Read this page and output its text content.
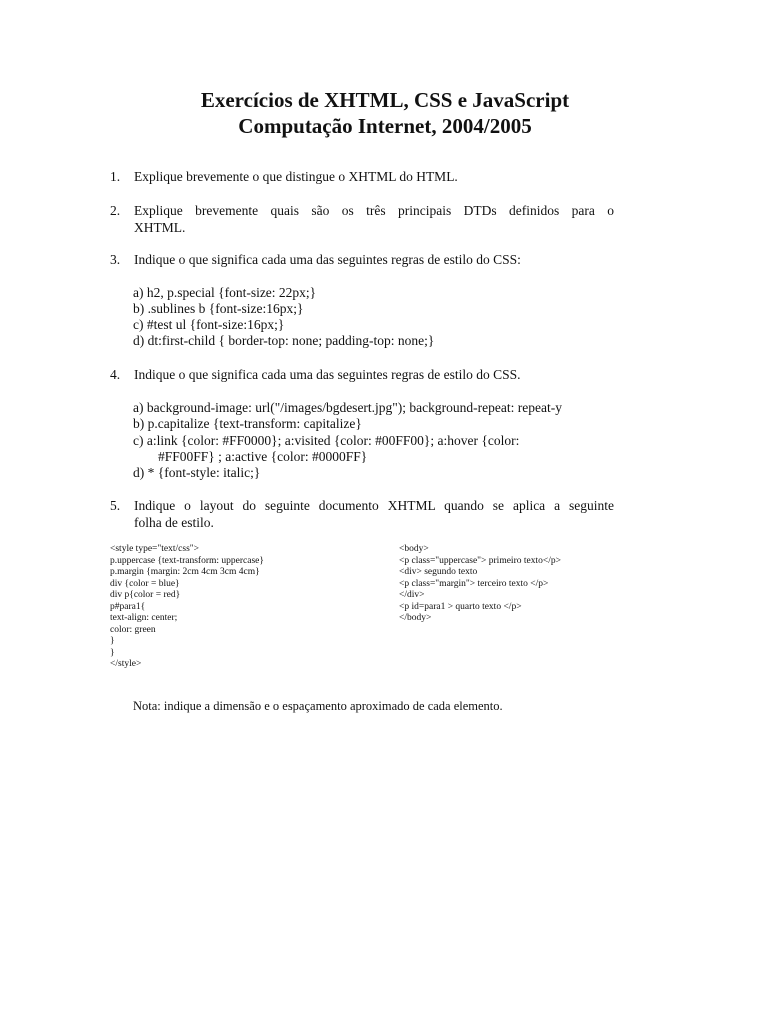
Exercícios de XHTML, CSS e JavaScript
Computação Internet, 2004/2005
1.	Explique brevemente o que distingue o XHTML do HTML.
2.	Explique brevemente quais são os três principais DTDs definidos para o
XHTML.
3.	Indique o que significa cada uma das seguintes regras de estilo do CSS:
a) h2, p.special {font-size: 22px;}
b) .sublines b {font-size:16px;}
c) #test ul {font-size:16px;}
d) dt:first-child { border-top: none; padding-top: none;}
4.	Indique o que significa cada uma das seguintes regras de estilo do CSS.
a) background-image: url("/images/bgdesert.jpg"); background-repeat: repeat-y
b) p.capitalize {text-transform: capitalize}
c) a:link {color: #FF0000}; a:visited {color: #00FF00}; a:hover {color:
#FF00FF} ; a:active {color: #0000FF}
d) * {font-style: italic;}
5.	Indique o layout do seguinte documento XHTML quando se aplica a seguinte
folha de estilo.
<style type="text/css">
p.uppercase {text-transform: uppercase}
p.margin {margin: 2cm 4cm 3cm 4cm}
div {color = blue}
div p{color = red}
p#para1{
text-align: center;
color: green
}
}
</style>
<body>
<p class="uppercase"> primeiro texto</p>
<div> segundo texto
<p class="margin"> terceiro texto </p>
</div>
<p id=para1 > quarto texto </p>
</body>
Nota: indique a dimensão e o espaçamento aproximado de cada elemento.
